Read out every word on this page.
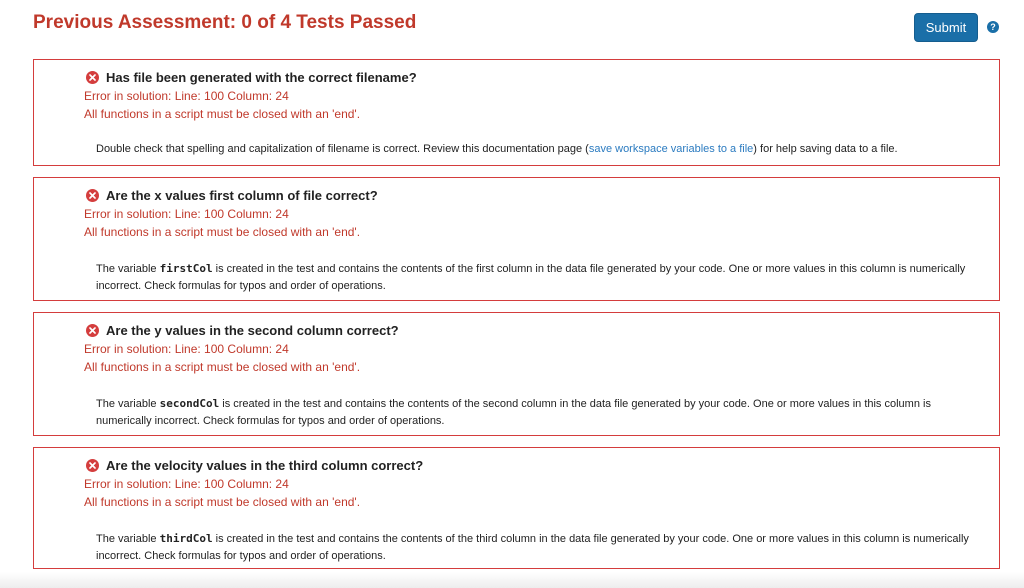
Previous Assessment: 0 of 4 Tests Passed	Submit	?
Has file been generated with the correct filename?
Error in solution: Line: 100 Column: 24
All functions in a script must be closed with an 'end'.
Double check that spelling and capitalization of filename is correct. Review this documentation page (save workspace variables to a file) for help saving data to a file.
Are the x values first column of file correct?
Error in solution: Line: 100 Column: 24
All functions in a script must be closed with an 'end'.
The variable firstCol is created in the test and contains the contents of the first column in the data file generated by your code. One or more values in this column is numerically incorrect. Check formulas for typos and order of operations.
Are the y values in the second column correct?
Error in solution: Line: 100 Column: 24
All functions in a script must be closed with an 'end'.
The variable secondCol is created in the test and contains the contents of the second column in the data file generated by your code. One or more values in this column is numerically incorrect. Check formulas for typos and order of operations.
Are the velocity values in the third column correct?
Error in solution: Line: 100 Column: 24
All functions in a script must be closed with an 'end'.
The variable thirdCol is created in the test and contains the contents of the third column in the data file generated by your code. One or more values in this column is numerically incorrect. Check formulas for typos and order of operations.
